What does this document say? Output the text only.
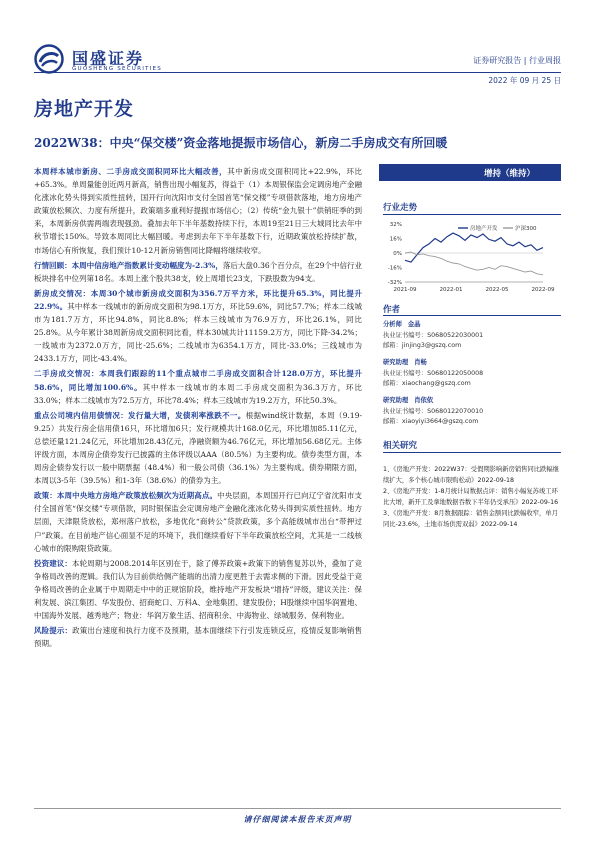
国盛证券
GUOSHENG SECURITIES
证券研究报告 | 行业周报
2022 年 09 月 25 日
房地产开发
2022W38：中央“保交楼”资金落地提振市场信心，新房二手房成交有所回暖

本周样本城市新房、二手房成交面积同环比大幅改善，其中新房成交面积同比+22.9%，环比+65.3%。单周量能创近两月新高，销售出现小幅复苏，得益于（1）本周银保监会定调房地产金融化涨冰化势头得到实质性扭转，国开行向沈阳市支付全国首笔“保交楼”专项借款落地，地方房地产政策放松频次、力度有所提升，政策端多重利好提振市场信心；（2）传统“金九银十”供销旺季的到来，本周新房供需两端表现强劲。叠加去年下半年基数持续下行，本周19至21日三大城同比去年中秋节增长150%。导致本周同比大幅回暖。考虑到去年下半年基数下行，近期政策放松持续扩散，市场信心有所恢复，我们预计10-12月新房销售同比降幅将继续收窄。

行情回顾：本周中信房地产指数累计变动幅度为-2.3%，落后大盘0.36个百分点，在29个中信行业板块排名中位列第18名。本周上涨个股共38支，较上周增长23支，下跌股数为94支。

新房成交情况：本周30个城市新房成交面积为356.7万平方米，环比提升65.3%，同比提升22.9%。其中样本一线城市的新房成交面积为98.1万方，环比59.6%，同比57.7%；样本二线城市为181.7万方，环比94.8%，同比8.8%；样本三线城市为76.9万方，环比26.1%，同比25.8%。从今年累计38周新房成交面积同比看，样本30城共计11159.2万方，同比下降-34.2%；一线城市为2372.0万方，同比-25.6%；二线城市为6354.1万方，同比-33.0%；三线城市为2433.1万方，同比-43.4%。

二手房成交情况：本周我们跟踪的11个重点城市二手房成交面积合计128.0万方，环比提升58.6%，同比增加100.6%。其中样本一线城市的本周二手房成交面积为36.3万方，环比33.0%；样本二线城市为72.5万方，环比78.4%；样本三线城市为19.2万方，环比50.3%。

重点公司境内信用债情况：发行量大增，发债利率涨跌不一。根据wind统计数据，本周（9.19-9.25）共发行房企信用债16只，环比增加6只；发行规模共计168.0亿元，环比增加85.11亿元，总偿还量121.24亿元，环比增加28.43亿元，净融资额为46.76亿元，环比增加56.68亿元。主体评级方面，本周房企债券发行已披露的主体评级以AAA（80.5%）为主要构成。债券类型方面，本周房企债券发行以一般中期票据（48.4%）和一般公司债（36.1%）为主要构成。债券期限方面，本周以3-5年（39.5%）和1-3年（38.6%）的债券为主。

政策：本周中央地方房地产政策放松频次为近期高点。中央层面，本周国开行已向辽宁省沈阳市支付全国首笔“保交楼”专项借款，同时银保监会定调房地产金融化涨冰化势头得到实质性扭转。地方层面，天津限贷放松，郑州落户放松，多地优化“商转公”贷款政策，多个高能级城市出台“带押过户”政策。在目前地产信心面显不足的环境下，我们继续看好下半年政策放松空间，尤其是一二线核心城市的限购限贷政策。

投资建议：本轮周期与2008.2014年区别在于，除了傅养政策+政策下的销售复苏以外，叠加了竞争格局改善的逻辑。我们认为目前供给侧产能端的出清力度更胜于去需求侧的下滑。因此受益于竞争格局改善的企业属于中周期走中中的正规馆阶段，维持地产开发板块“增持”评级，建议关注：保利发展、滨江集团、华发股份、招商蛇口、万科A、金地集团、建发股份；H股继续中国华润置地、中国海外发展、越秀地产；物业：华润万象生活、招商积余、中海物业、绿城服务、保利物业。

风险提示：政策出台速度和执行力度不及预期，基本面继续下行引发连锁反应，疫情反复影响销售预期。

增持（维持）
行业走势
房地产开发	沪深300
32%
16%
0%
-16%
-32%
2021-09	2022-01	2022-05	2022-09
作者
分析师 金晶
执业证书编号：S0680522030001
邮箱：jinjing3@gszq.com
研究助理 肖畅
执业证书编号：S0680122050008
邮箱：xiaochang@gszq.com
研究助理 肖依依
执业证书编号：S0680122070010
邮箱：xiaoyiyi3664@gszq.com
相关研究

1、《房地产开发：2022W37：受假期影响新房销售同比跌幅继续扩大，多个核心城市限购松动》2022-09-18

2、《房地产开发：1-8月统计局数据点评：销售小幅复苏竣工环比大增，新开工及拿地数据吞数下半年仍受承压》2022-09-16

3、《房地产开发：8月数据跟踪：销售金额同比跌幅收窄，单月同比-23.6%，土地市场供需双弱》2022-09-14

请仔细阅读本报告末页声明
